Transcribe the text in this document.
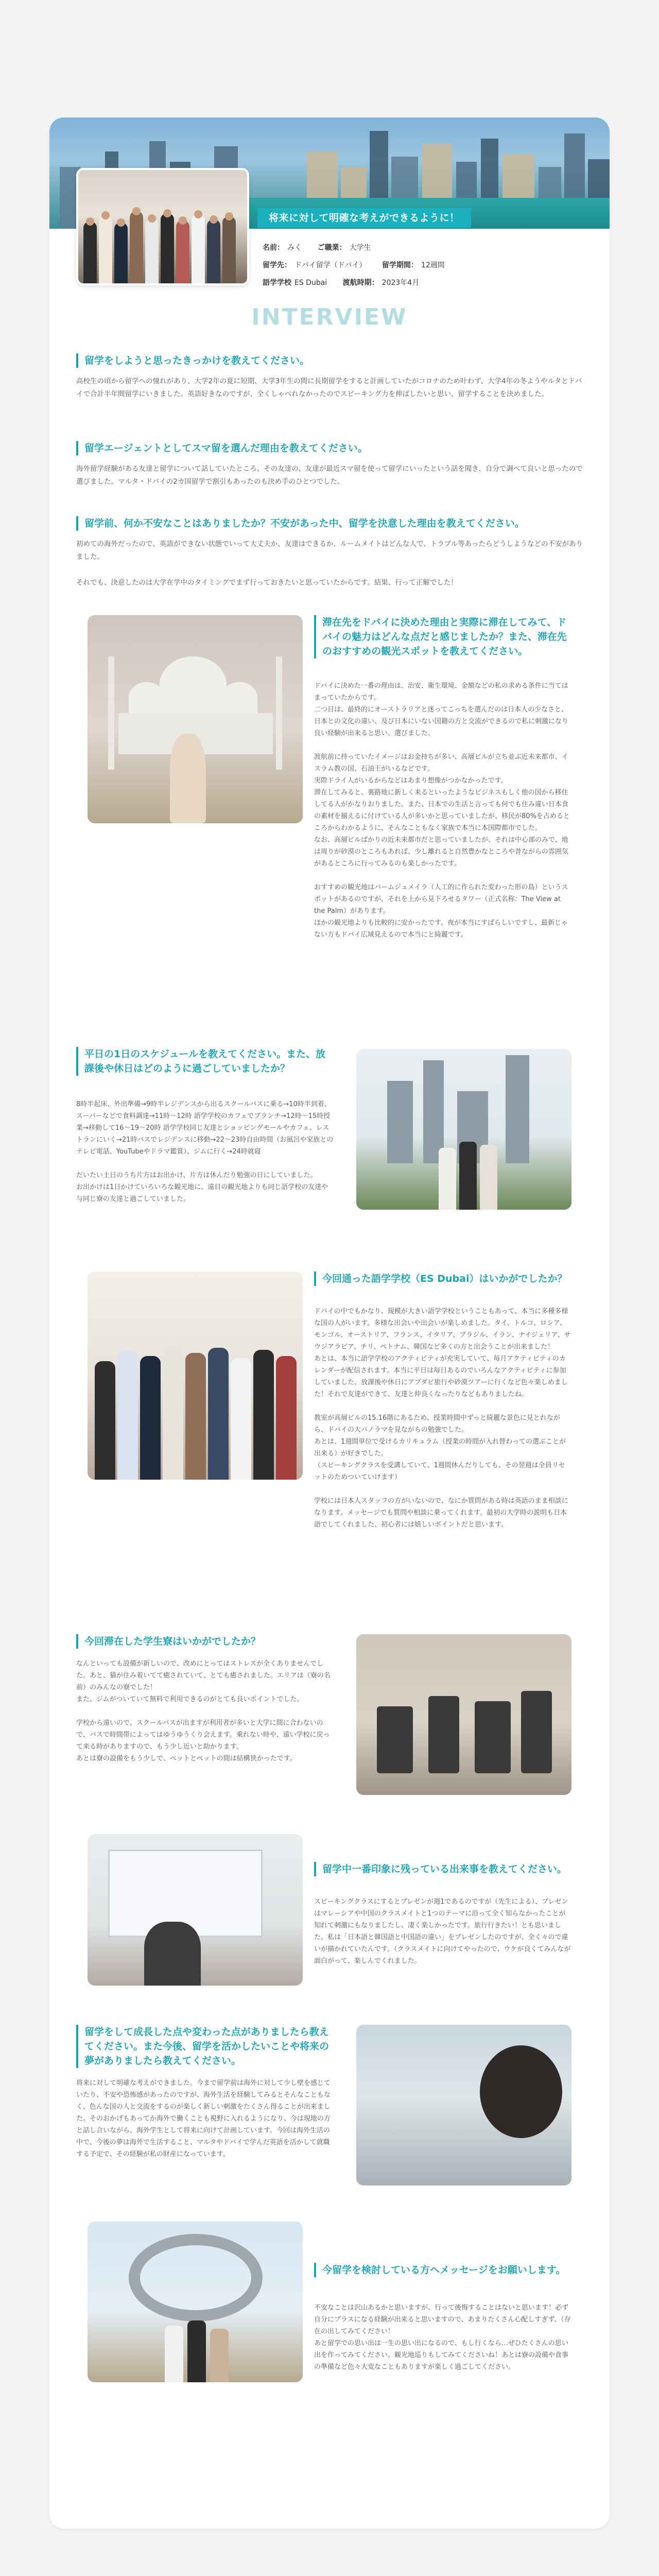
将来に対して明確な考えができるように！
名前： みく ご職業： 大学生
留学先： ドバイ留学（ドバイ） 留学期間： 12週間
語学学校 ES Dubai 渡航時期： 2023年4月
INTERVIEW
留学をしようと思ったきっかけを教えてください。
高校生の頃から留学への憧れがあり、大学2年の夏に短期、大学3年生の間に長期留学をすると計画していたがコロナのため叶わず、大学4年の冬ようやルタとドバイで合計半年間留学にいきました。英語好きなのですが、全くしゃべれなかったのでスピーキング力を伸ばしたいと思い、留学することを決めました。
留学エージェントとしてスマ留を選んだ理由を教えてください。
海外留学経験がある友達と留学について話していたところ、その友達の、友達が最近スマ留を使って留学にいったという話を聞き、自分で調べて良いと思ったので選びました。マルタ・ドバイの2カ国留学で割引もあったのも決め手のひとつでした。
留学前、何か不安なことはありましたか？不安があった中、留学を決意した理由を教えてください。
初めての海外だったので、英語ができない状態でいって大丈夫か、友達はできるか、ルームメイトはどんな人で、トラブル等あったらどうしようなどの不安がありました。

それでも、決意したのは大学在学中のタイミングでまず行っておきたいと思っていたからです。結果、行って正解でした！
滞在先をドバイに決めた理由と実際に滞在してみて、ドバイの魅力はどんな点だと感じましたか？また、滞在先のおすすめの観光スポットを教えてください。
ドバイに決めた一番の理由は、治安、衛生環境、金額などの私の求める条件に当てはまっていたからです。
二つ目は、最終的にオーストラリアと迷ってこっちを選んだのは日本人の少なさと、日本との文化の違い、及び日本にいない国籍の方と交流ができるので私に刺激になり良い経験が出来ると思い、選びました。

渡航前に持っていたイメージはお金持ちが多い、高層ビルが立ち並ぶ近未来都市、イスラム教の国、石油王がいるなどです。
実際ドライ人がいるからなどはあまり想像がつかなかったです。
滞在してみると、裏路地に新しく来るといったようなビジネスもしく他の国から移住してる人がかなりおりました。また、日本での生活と言っても何でも住み違い日本食の素材を揃えるに付けている人が多いかと思っていましたが、移民が80%を占めるところからわかるように、そんなこともなく家族で本当に本国際都市でした。
なお、高層ビルばかりの近未来都市だと思っていましたが、それは中心部のみで、地は周りが砂漠のところもあれば、少し離れると自然豊かなところや昔ながらの雰囲気があるところに行ってみるのも楽しかったです。

おすすめの観光地はパームジュメイラ（人工的に作られた変わった形の島）というスポットがあるのですが、それを上から見下ろせるタワー（正式名称：The View at the Palm）があります。
ほかの観光地よりも比較的に安かったです。夜が本当にすばらしいですし、最新じゃない方もドバイ広域見えるので本当にと綺麗です。
平日の1日のスケジュールを教えてください。また、放課後や休日はどのように過ごしていましたか？
8時半起床、外出準備→9時半レジデンスから出るスクールバスに乗る→10時半到着、スーパーなどで食料調達→11時〜12時 語学学校のカフェでブランチ→12時〜15時授業→移動して16〜19〜20時 語学学校同じ友達とショッピングモールやカフェ、レストランにいく→21時バスでレジデンスに移動→22〜23時自由時間（お風呂や家族とのテレビ電話、YouTubeやドラマ鑑賞）、ジムに行く→24時就寝

だいたい土日のうち片方はお出かけ、片方は休んだり勉強の日にしていました。
お出かけは1日かけていろいろな観光地に、遠目の観光地よりも同じ語学校の友達や与同じ寮の友達と過ごしていました。
今回通った語学学校（ES Dubai）はいかがでしたか？
ドバイの中でもかなり、規模が大きい語学学校ということもあって、本当に多種多様な国の人がいます。多様な出会いや出会いが楽しめました。タイ、トルコ、ロシア、モンゴル、オーストリア、フランス、イタリア、ブラジル、イラン、ナイジェリア、サウジアラビア、チリ、ベトナム、韓国など多くの方と出会うことが出来ました！
あとは、本当に語学学校のアクティビティが充実していて、毎月アクティビティのカレンダーが配信されます。本当に平日は毎日あるのでいろんなアクティビティに参加していました。放課後や休日にアブダビ旅行や砂漠ツアーに行くなど色々楽しめました！それで友達ができて、友達と仲良くなったりなどもありましたね。

教室が高層ビルの15.16階にあるため、授業時間中ずっと綺麗な景色に見とれながら、ドバイの大パノラマを見ながらの勉強でした。
あとは、1週間単位で受けるカリキュラム（授業の時間が入れ替わっての選ぶことが出来る）が好きでした。
（スピーキングクラスを受講していて、1週間休んだりしても、その翌週は全員リセットのためついていけます）

学校には日本人スタッフの方がいないので、なにか質問がある時は英語のまま相談になります。メッセージでも質問や相談に乗ってくれます。最初の大学時の説明も日本語でしてくれました、初心者には嬉しいポイントだと思います。
今回滞在した学生寮はいかがでしたか？
なんといっても設備が新しいので、改めにとってはストレスが全くありませんでした。あと、猫が住み着いてて癒されていて、とても癒されました。エリアは（寮の名前）のみんなの寮でした！
また、ジムがついていて無料で利用できるのがとても良いポイントでした。

学校から遠いので、スクールバスが出ますが利用者が多いと大学に間に合わないので、バスで時間帯によってはゆうゆうくり会えます。乗れない時や、遠い学校に戻って来る時がありますので、もう少し近いと助かります。
あとは寮の設備をもう少しで、ペットとペットの間は結構狭かったです。
留学中一番印象に残っている出来事を教えてください。
スピーキングクラスにするとプレゼンが週1であるのですが（先生による）、プレゼンはマレーシアや中国のクラスメイトと1つのテーマに沿って全く知らなかったことが知れて刺激にもなりましたし、凄く楽しかったです。旅行行きたい！とも思いました。私は「日本語と韓国語と中国語の違い」をプレゼンしたのですが、全く々ので違いが描かれていたんです。（クラスメイトに向けてやったので、ウケが良くてみんなが面白がって、楽しんでくれました。
留学をして成長した点や変わった点がありましたら教えてください。また今後、留学を活かしたいことや将来の夢がありましたら教えてください。
将来に対して明確な考えができました。今まで留学前は海外に対して少し壁を感じていたり、不安や恐怖感があったのですが、海外生活を経験してみるとそんなこともなく、色んな国の人と交流をするのが楽しく新しい刺激をたくさん得ることが出来ました。そのおかげもあってか海外で働くことも視野に入れるようになり、今は現地の方と話し合いながら、海外学生として将来に向けて計画しています。今回は海外生活の中で、今後の夢は海外で生活すること、マルタやドバイで学んだ英語を活かして就職する予定で、その経験が私の財産になっています。
今留学を検討している方へメッセージをお願いします。
不安なことは沢山あるかと思いますが、行って後悔することはないと思います！必ず自分にプラスになる経験が出来ると思いますので、あまりたくさん心配しすぎず、（存在の出してみてください！
あと留学での思い出は一生の思い出になるので、もし行くなら…ぜひたくさんの思い出を作ってみてください。観光地巡りもしてみてくださいね！あとは寮の設備や食事の準備など色々大変なこともありますが楽しく過ごしてください。
